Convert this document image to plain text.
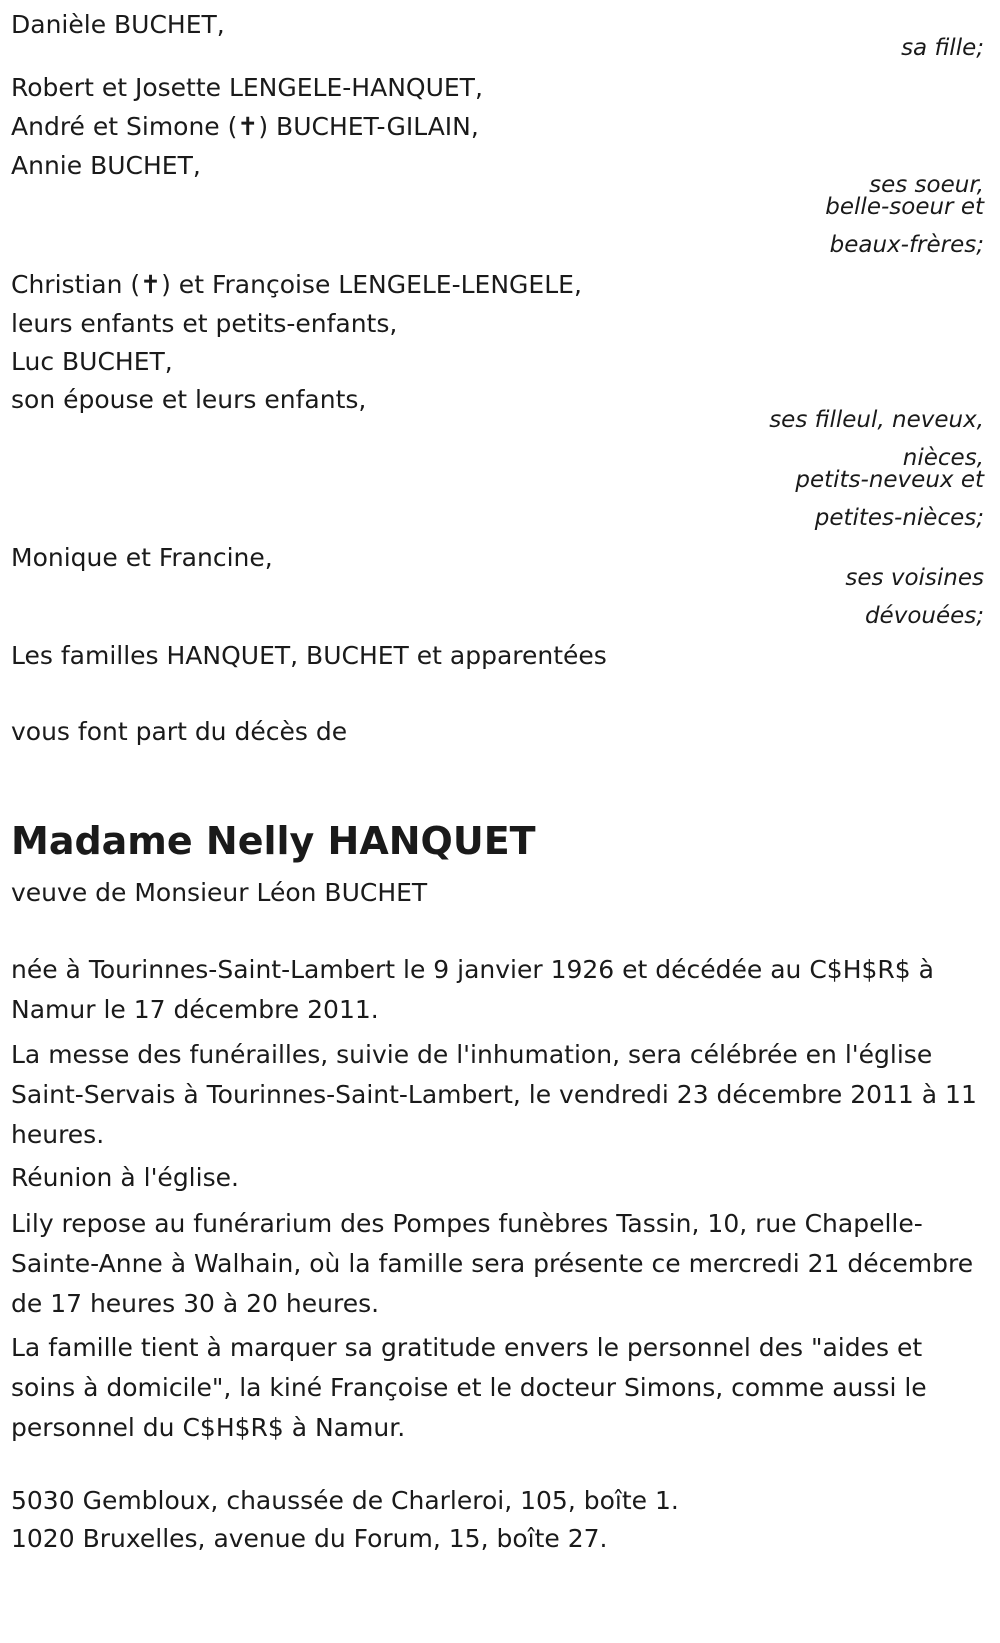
Danièle BUCHET,
sa fille;
Robert et Josette LENGELE-HANQUET,
André et Simone (✝) BUCHET-GILAIN,
Annie BUCHET,
ses soeur,
belle-soeur et
beaux-frères;
Christian (✝) et Françoise LENGELE-LENGELE,
leurs enfants et petits-enfants,
Luc BUCHET,
son épouse et leurs enfants,
ses filleul, neveux,
nièces,
petits-neveux et
petites-nièces;
Monique et Francine,
ses voisines
dévouées;
Les familles HANQUET, BUCHET et apparentées
vous font part du décès de
Madame Nelly HANQUET
veuve de Monsieur Léon BUCHET
née à Tourinnes-Saint-Lambert le 9 janvier 1926 et décédée au C$H$R$ à Namur le 17 décembre 2011.
La messe des funérailles, suivie de l'inhumation, sera célébrée en l'église Saint-Servais à Tourinnes-Saint-Lambert, le vendredi 23 décembre 2011 à 11 heures.
Réunion à l'église.
Lily repose au funérarium des Pompes funèbres Tassin, 10, rue Chapelle-Sainte-Anne à Walhain, où la famille sera présente ce mercredi 21 décembre de 17 heures 30 à 20 heures.
La famille tient à marquer sa gratitude envers le personnel des "aides et soins à domicile", la kiné Françoise et le docteur Simons, comme aussi le personnel du C$H$R$ à Namur.
5030 Gembloux, chaussée de Charleroi, 105, boîte 1.
1020 Bruxelles, avenue du Forum, 15, boîte 27.
